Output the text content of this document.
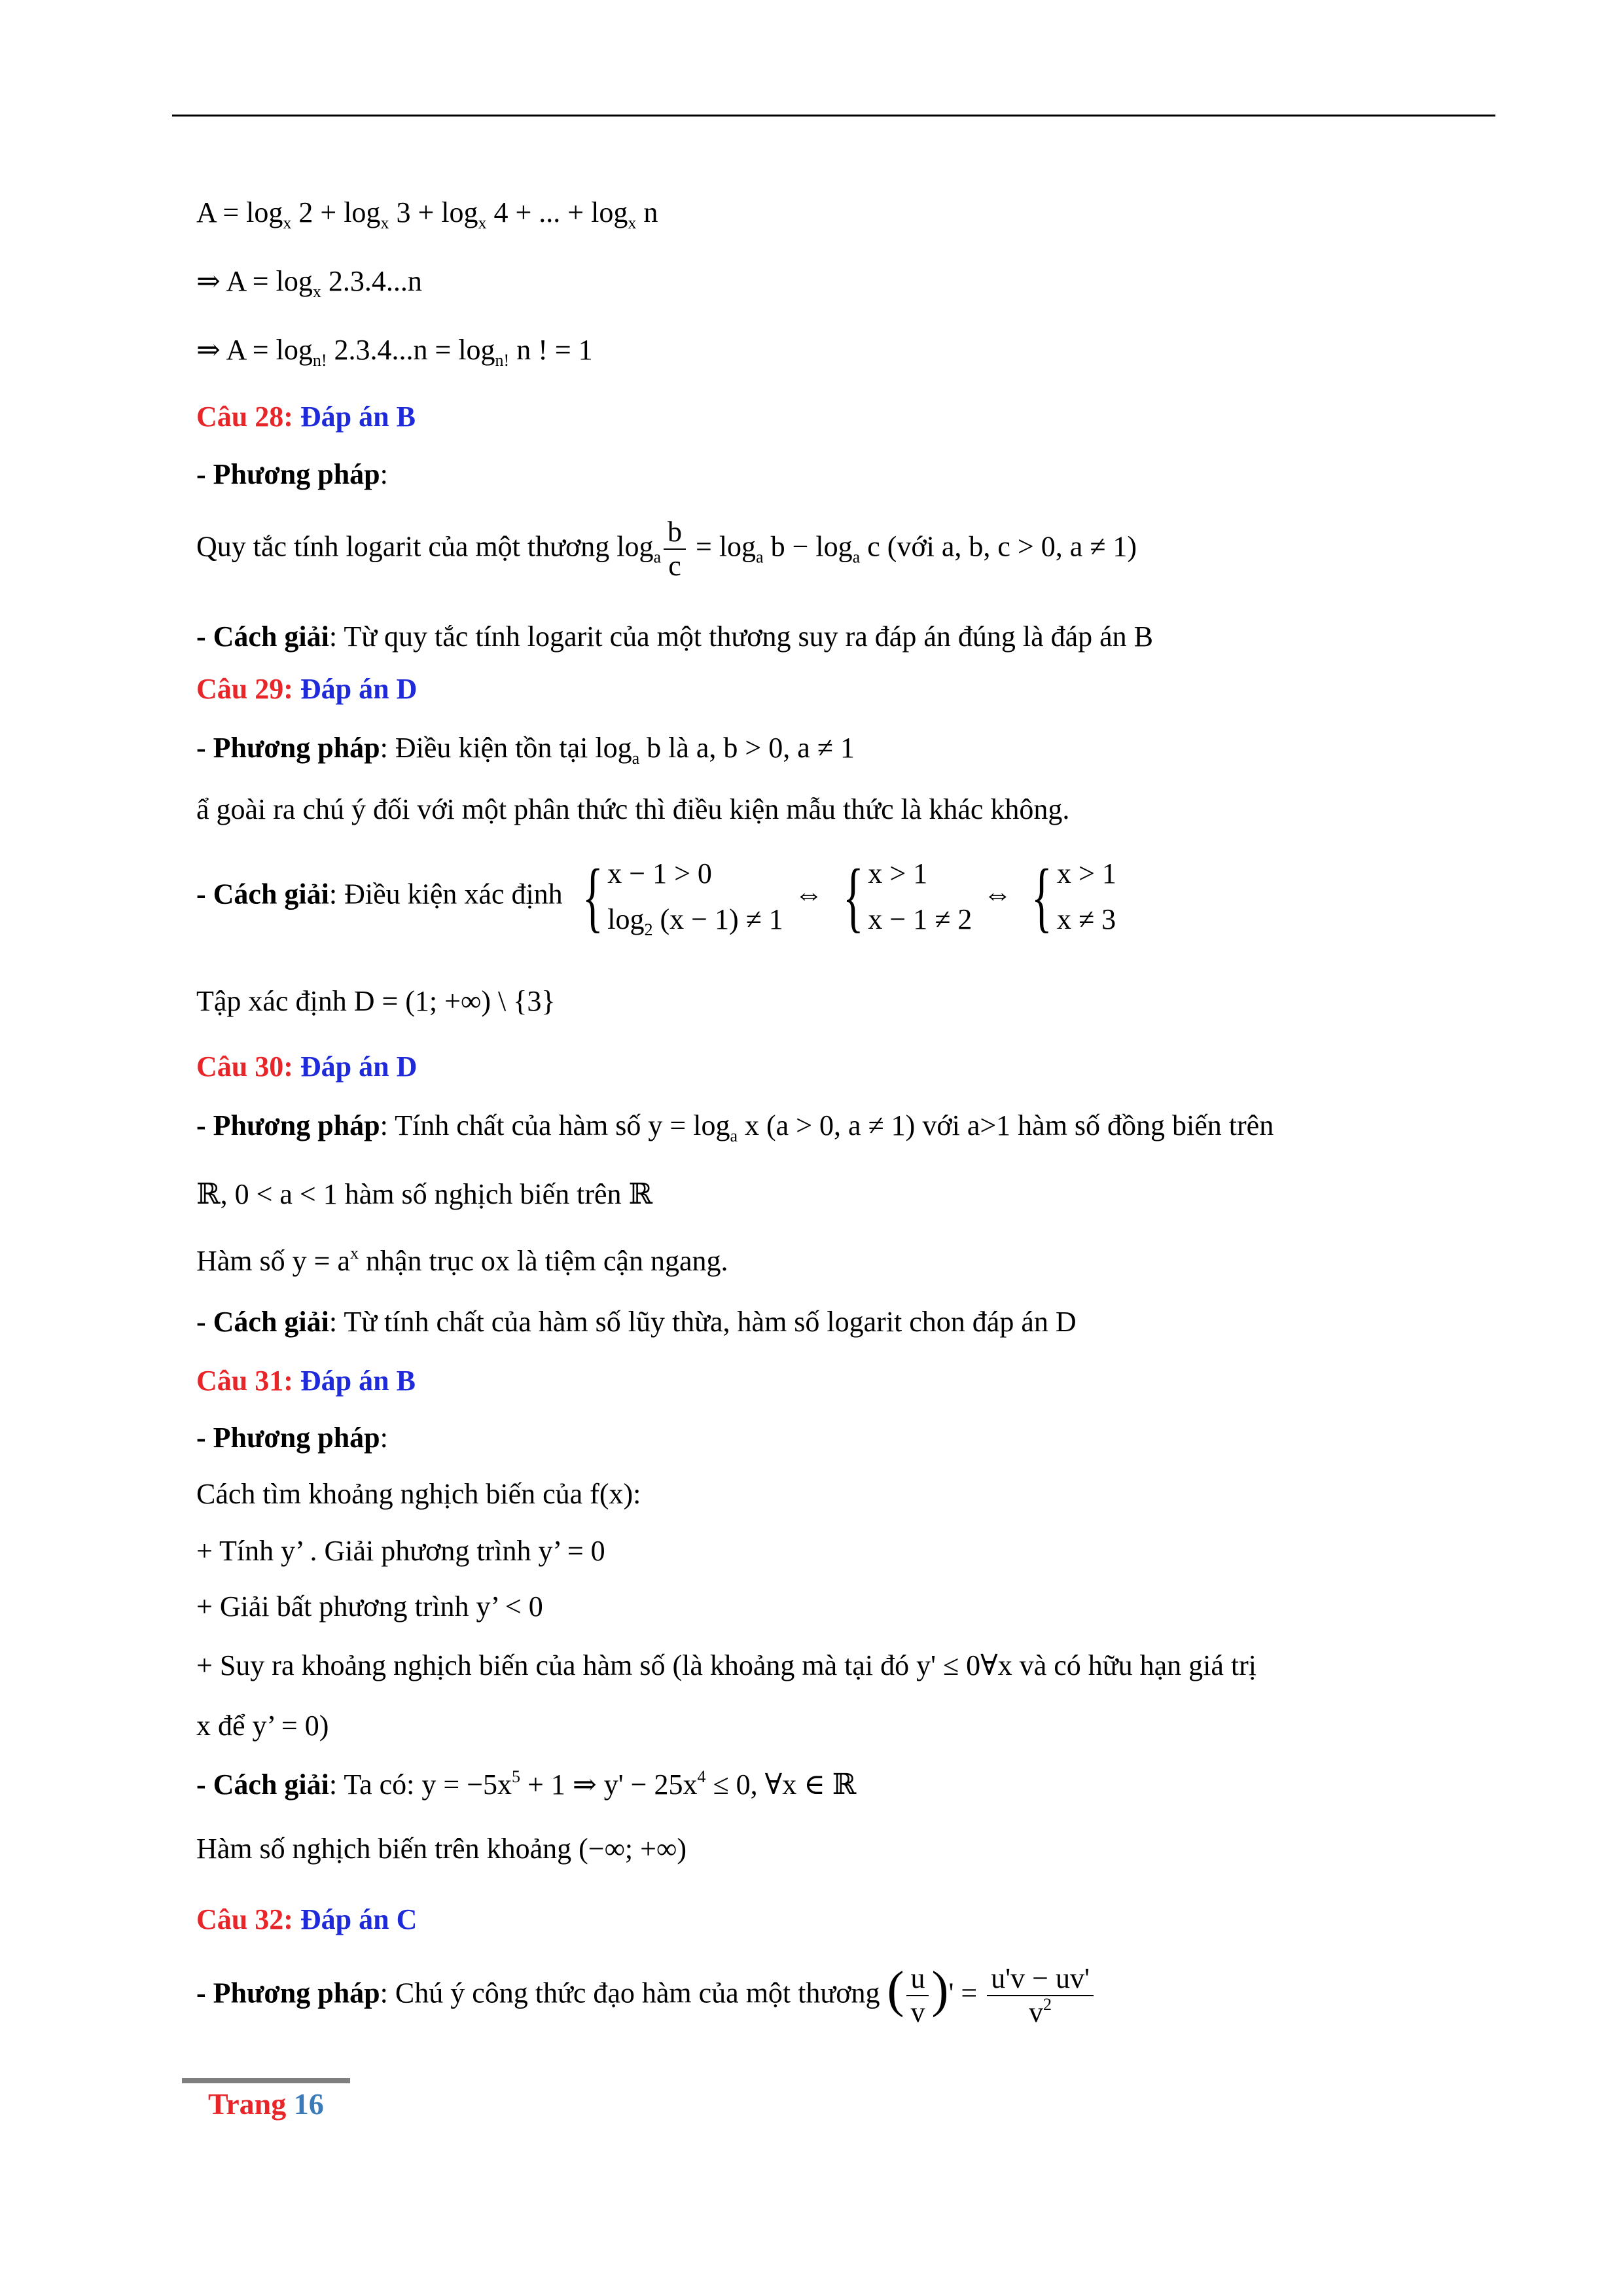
$A = \log_x 2 + \log_x 3 + \log_x 4$ + ... + $\log_x n$
⇒ $A = \log_x 2.3.4...n$
⇒ $A = \log_{n!} 2.3.4...n = \log_{n!} n$ ! = 1
Câu 28: Đáp án B
- Phương pháp:
Quy tắc tính logarit của một thương $\log_a \frac{b}{c} = \log_a b - \log_a c$ (với a, b, c > 0, a ≠ 1)
- Cách giải: Từ quy tắc tính logarit của một thương suy ra đáp án đúng là đáp án B
Câu 29: Đáp án D
- Phương pháp: Điều kiện tồn tại $\log_a b$ là a, b > 0, a ≠ 1
ẩ goài ra chú ý đối với một phân thức thì điều kiện mẫu thức là khác không.
- Cách giải: Điều kiện xác định { x − 1 > 0
$\log_2 (x - 1) \ne 1$
⇔ { x > 1
x − 1 ≠ 2
⇔ { x > 1
x ≠ 3
Tập xác định D = (1; +∞) \ {3}
Câu 30: Đáp án D
- Phương pháp: Tính chất của hàm số $y = \log_a x$ (a > 0, a ≠ 1) với a>1 hàm số đồng biến trên
ℝ, 0 < a < 1 hàm số nghịch biến trên ℝ
Hàm số $y = a^x$ nhận trục ox là tiệm cận ngang.
- Cách giải: Từ tính chất của hàm số lũy thừa, hàm số logarit chon đáp án D
Câu 31: Đáp án B
- Phương pháp:
Cách tìm khoảng nghịch biến của f(x):
+ Tính y’ . Giải phương trình y’ = 0
+ Giải bất phương trình y’ < 0
+ Suy ra khoảng nghịch biến của hàm số (là khoảng mà tại đó y' ≤ 0∀x và có hữu hạn giá trị
x để y’ = 0)
- Cách giải: Ta có: $y = -5x^5 + 1$ ⇒ $y' - 25x^4 \le 0$, ∀x ∈ ℝ
Hàm số nghịch biến trên khoảng (−∞; +∞)
Câu 32: Đáp án C
- Phương pháp: Chú ý công thức đạo hàm của một thương ( $\frac{u}{v}$ )' = $\frac{u'v - uv'}{v^2}$
Trang 16
